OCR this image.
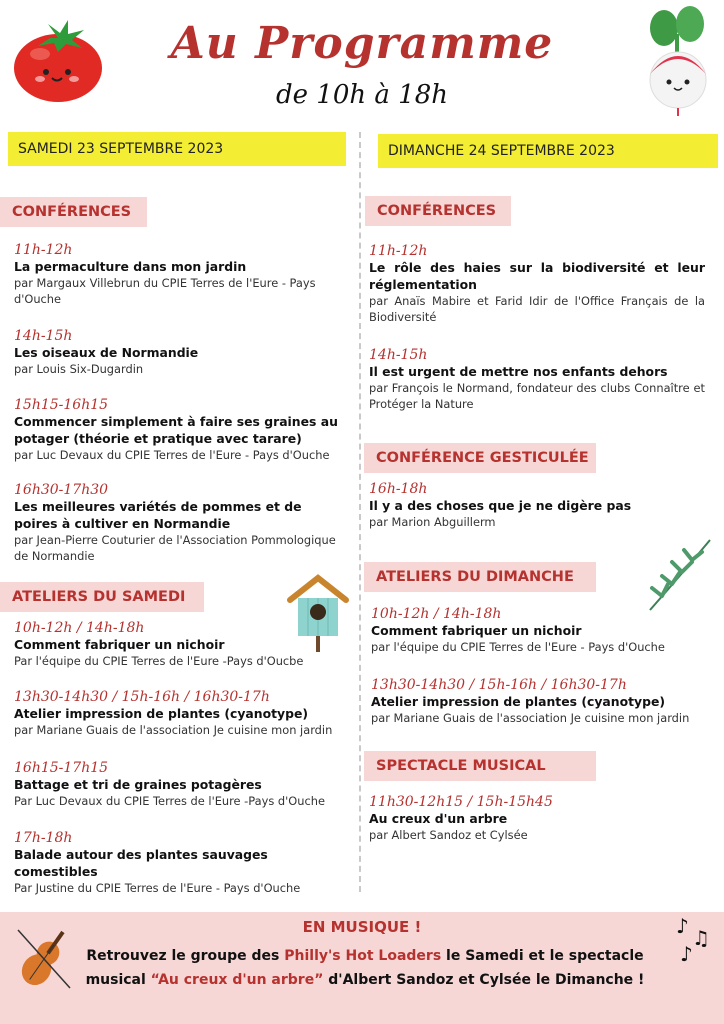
Au Programme
de 10h à 18h
SAMEDI 23 SEPTEMBRE 2023	DIMANCHE 24 SEPTEMBRE 2023
CONFÉRENCES
11h-12h
La permaculture dans mon jardin
par Margaux Villebrun du CPIE Terres de l'Eure - Pays d'Ouche
14h-15h
Les oiseaux de Normandie
par Louis Six-Dugardin
15h15-16h15
Commencer simplement à faire ses graines au potager (théorie et pratique avec tarare)
par Luc Devaux du CPIE Terres de l'Eure - Pays d'Ouche
16h30-17h30
Les meilleures variétés de pommes et de poires à cultiver en Normandie
par Jean-Pierre Couturier de l'Association Pommologique de Normandie
ATELIERS DU SAMEDI
10h-12h / 14h-18h
Comment fabriquer un nichoir
Par l'équipe du CPIE Terres de l'Eure -Pays d'Oucbe
13h30-14h30 / 15h-16h / 16h30-17h
Atelier impression de plantes (cyanotype)
par Mariane Guais de l'association Je cuisine mon jardin
16h15-17h15
Battage et tri de graines potagères
Par Luc Devaux du CPIE Terres de l'Eure -Pays d'Ouche
17h-18h
Balade autour des plantes sauvages comestibles
Par Justine du CPIE Terres de l'Eure - Pays d'Ouche
CONFÉRENCES
11h-12h
Le rôle des haies sur la biodiversité et leur réglementation
par Anaïs Mabire et Farid Idir de l'Office Français de la Biodiversité
14h-15h
Il est urgent de mettre nos enfants dehors
par François le Normand, fondateur des clubs Connaître et Protéger la Nature
CONFÉRENCE GESTICULÉE
16h-18h
Il y a des choses que je ne digère pas
par Marion Abguillerm
ATELIERS DU DIMANCHE
10h-12h / 14h-18h
Comment fabriquer un nichoir
par l'équipe du CPIE Terres de l'Eure - Pays d'Ouche
13h30-14h30 / 15h-16h / 16h30-17h
Atelier impression de plantes (cyanotype)
par Mariane Guais de l'association Je cuisine mon jardin
SPECTACLE MUSICAL
11h30-12h15 / 15h-15h45
Au creux d'un arbre
par Albert Sandoz et Cylsée
♪ ♫
♪
EN MUSIQUE !
Retrouvez le groupe des Philly's Hot Loaders le Samedi et le spectacle musical “Au creux d'un arbre” d'Albert Sandoz et Cylsée le Dimanche !
